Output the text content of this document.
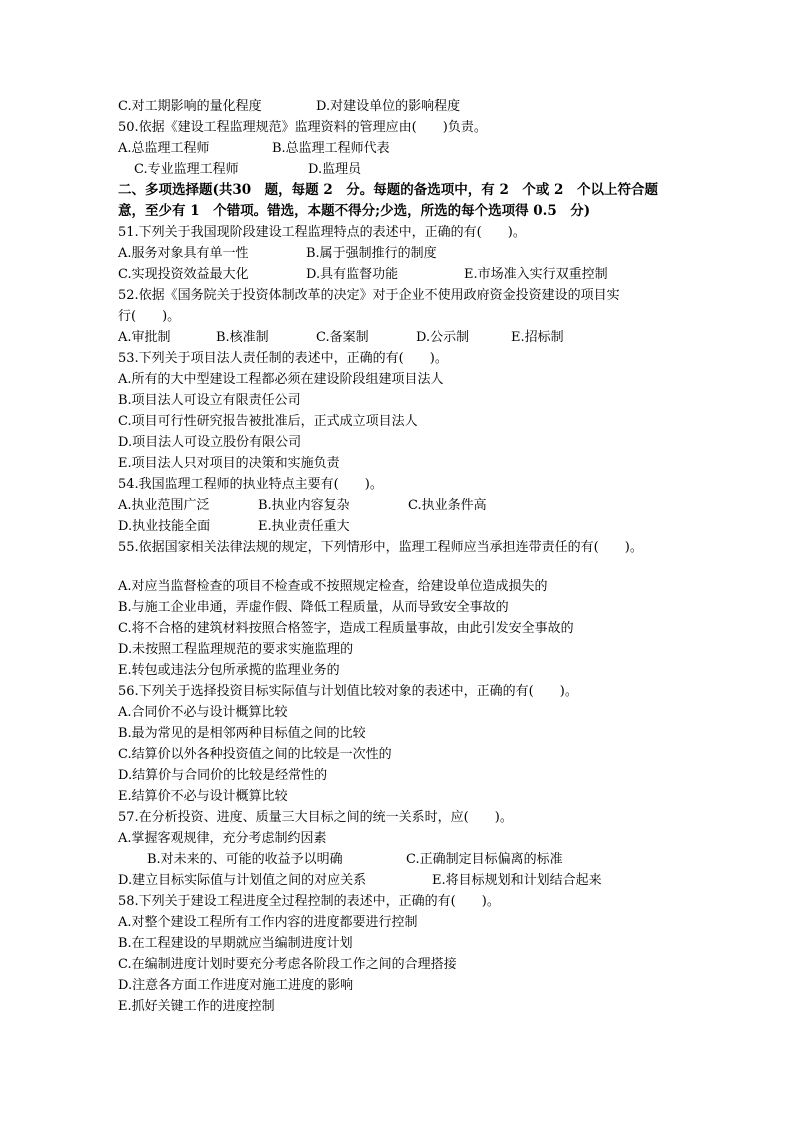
C.对工期影响的量化程度	D.对建设单位的影响程度
50.依据《建设工程监理规范》监理资料的管理应由(　　)负责。
A.总监理工程师	B.总监理工程师代表
C.专业监理工程师	D.监理员
二、多项选择题(共30　题，每题 2　分。每题的备选项中，有 2　个或 2　个以上符合题
意，至少有 1　个错项。错选，本题不得分;少选，所选的每个选项得 0.5　分)
51.下列关于我国现阶段建设工程监理特点的表述中，正确的有(　　)。
A.服务对象具有单一性	B.属于强制推行的制度
C.实现投资效益最大化	D.具有监督功能	E.市场准入实行双重控制
52.依据《国务院关于投资体制改革的决定》对于企业不使用政府资金投资建设的项目实
行(　　)。
A.审批制	B.核准制	C.备案制	D.公示制	E.招标制
53.下列关于项目法人责任制的表述中，正确的有(　　)。
A.所有的大中型建设工程都必须在建设阶段组建项目法人
B.项目法人可设立有限责任公司
C.项目可行性研究报告被批准后，正式成立项目法人
D.项目法人可设立股份有限公司
E.项目法人只对项目的决策和实施负责
54.我国监理工程师的执业特点主要有(　　)。
A.执业范围广泛	B.执业内容复杂	C.执业条件高
D.执业技能全面	E.执业责任重大
55.依据国家相关法律法规的规定，下列情形中，监理工程师应当承担连带责任的有(　　)。
A.对应当监督检查的项目不检查或不按照规定检查，给建设单位造成损失的
B.与施工企业串通，弄虚作假、降低工程质量，从而导致安全事故的
C.将不合格的建筑材料按照合格签字，造成工程质量事故，由此引发安全事故的
D.未按照工程监理规范的要求实施监理的
E.转包或违法分包所承揽的监理业务的
56.下列关于选择投资目标实际值与计划值比较对象的表述中，正确的有(　　)。
A.合同价不必与设计概算比较
B.最为常见的是相邻两种目标值之间的比较
C.结算价以外各种投资值之间的比较是一次性的
D.结算价与合同价的比较是经常性的
E.结算价不必与设计概算比较
57.在分析投资、进度、质量三大目标之间的统一关系时，应(　　)。
A.掌握客观规律，充分考虑制约因素
B.对未来的、可能的收益予以明确	C.正确制定目标偏离的标准
D.建立目标实际值与计划值之间的对应关系	E.将目标规划和计划结合起来
58.下列关于建设工程进度全过程控制的表述中，正确的有(　　)。
A.对整个建设工程所有工作内容的进度都要进行控制
B.在工程建设的早期就应当编制进度计划
C.在编制进度计划时要充分考虑各阶段工作之间的合理搭接
D.注意各方面工作进度对施工进度的影响
E.抓好关键工作的进度控制
